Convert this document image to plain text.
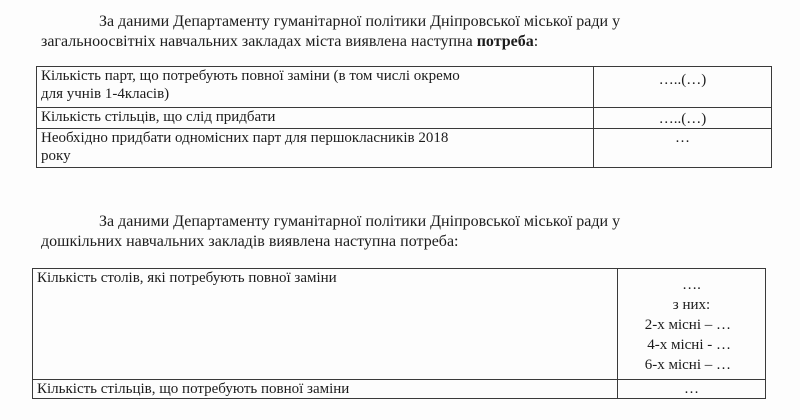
За даними Департаменту гуманітарної політики Дніпровської міської ради у
загальноосвітніх навчальних закладах міста виявлена наступна потреба:
Кількість парт, що потребують повної заміни (в том числі окремо
для учнів 1-4класів)	…..(…)

Кількість стільців, що слід придбати	…..(…)

Необхідно придбати одномісних парт для першокласників 2018
року	…
За даними Департаменту гуманітарної політики Дніпровської міської ради у
дошкільних навчальних закладів виявлена наступна потреба:
Кількість столів, які потребують повної заміни	….
з них:
2-х місні – …
4-х місні - …
6-х місні – …

Кількість стільців, що потребують повної заміни	…
